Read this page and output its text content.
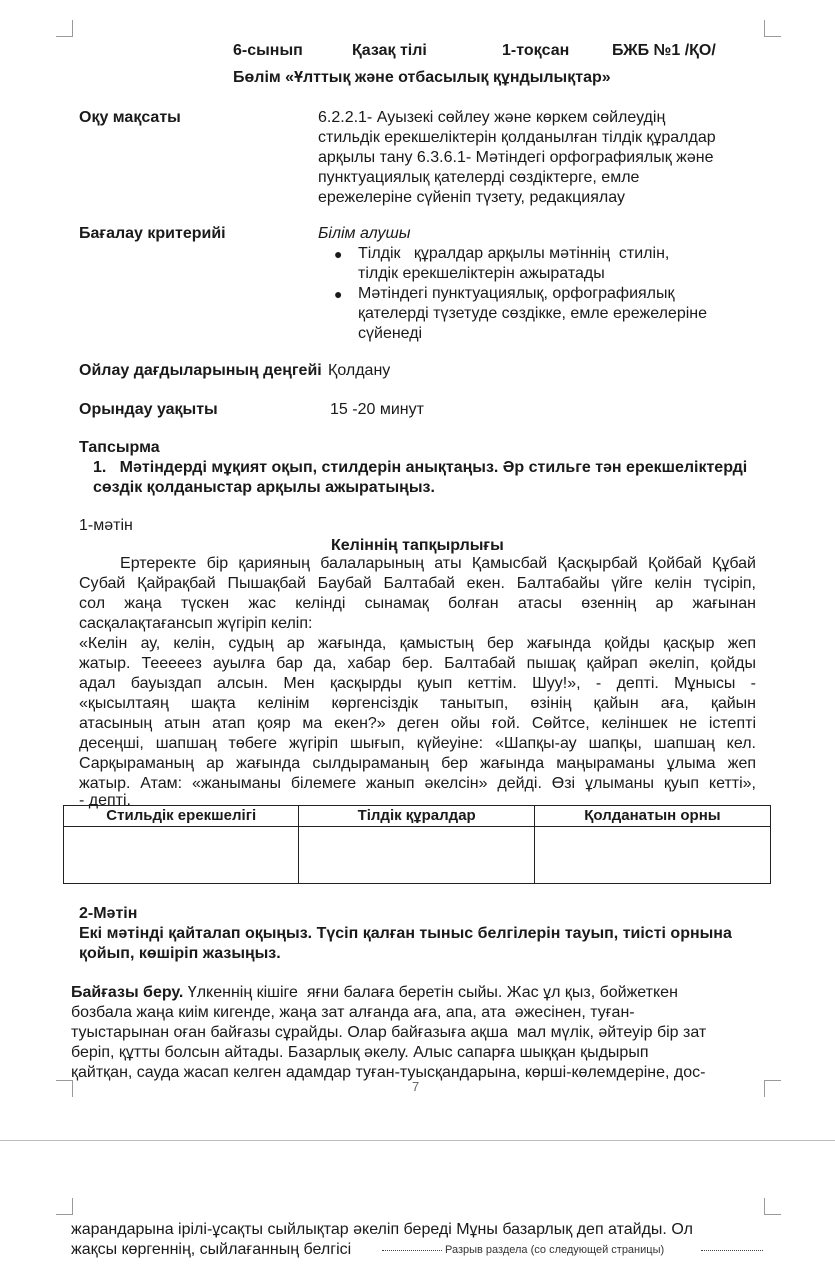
6-сынып	Қазақ тілі	1-тоқсан	БЖБ №1 /ҚО/
Бөлім «Ұлттық және отбасылық құндылықтар»
Оқу мақсаты	6.2.2.1- Ауызекі сөйлеу және көркем сөйлеудің
стильдік ерекшеліктерін қолданылған тілдік құралдар
арқылы тану 6.3.6.1- Мәтіндегі орфографиялық және
пунктуациялық қателерді сөздіктерге, емле
ережелеріне сүйеніп түзету, редакциялау
Бағалау критерийі	Білім алушы
● Тілдік   құралдар арқылы мәтіннің  стилін,
тілдік ерекшеліктерін ажыратады
● Мәтіндегі пунктуациялық, орфографиялық
қателерді түзетуде сөздікке, емле ережелеріне
сүйенеді
Ойлау дағдыларының деңгейі Қолдану
Орындау уақыты	15 -20 минут
Тапсырма
1.   Мәтіндерді мұқият оқып, стилдерін анықтаңыз. Әр стильге тән ерекшеліктерді
сөздік қолданыстар арқылы ажыратыңыз.
1-мәтін
Келіннің тапқырлығы
Ертеректе бір қарияның балаларының аты Қамысбай Қасқырбай Қойбай Құбай
Субай Қайрақбай Пышақбай Баубай Балтабай екен. Балтабайы үйге келін түсіріп,
сол жаңа түскен жас келінді сынамақ болған атасы өзеннің ар жағынан
сасқалақтағансып жүгіріп келіп:
«Келін ау, келін, судың ар жағында, қамыстың бер жағында қойды қасқыр жеп
жатыр. Тееееез ауылға бар да, хабар бер. Балтабай пышақ қайрап әкеліп, қойды
адал бауыздап алсын. Мен қасқырды қуып кеттім. Шуу!», - депті. Мұнысы -
«қысылтаяң шақта келінім көргенсіздік танытып, өзінің қайын аға, қайын
атасының атын атап қояр ма екен?» деген ойы ғой. Сөйтсе, келіншек не істепті
десеңші, шапшаң төбеге жүгіріп шығып, күйеуіне: «Шапқы-ау шапқы, шапшаң кел.
Сарқыраманың ар жағында сылдыраманың бер жағында маңыраманы ұлыма жеп
жатыр. Атам: «жаныманы білемеге жанып әкелсін» дейді. Өзі ұлыманы қуып кетті»,
- депті.
Стильдік ерекшелігі	Тілдік құралдар	Қолданатын орны

2-Мәтін
Екі мәтінді қайталап оқыңыз. Түсіп қалған тыныс белгілерін тауып, тиісті орнына
қойып, көшіріп жазыңыз.
Байғазы беру. Үлкеннің кішіге  яғни балаға беретін сыйы. Жас ұл қыз, бойжеткен
бозбала жаңа киім кигенде, жаңа зат алғанда аға, апа, ата  әжесінен, туған-
туыстарынан оған байғазы сұрайды. Олар байғазыға ақша  мал мүлік, әйтеуір бір зат
беріп, құтты болсын айтады. Базарлық әкелу. Алыс сапарға шыққан қыдырып
қайтқан, сауда жасап келген адамдар туған-туысқандарына, көрші-көлемдеріне, дос-
7
жарандарына ірілі-ұсақты сыйлықтар әкеліп береді Мұны базарлық деп атайды. Ол
жақсы көргеннің, сыйлағанның белгісі	Разрыв раздела (со следующей страницы)
